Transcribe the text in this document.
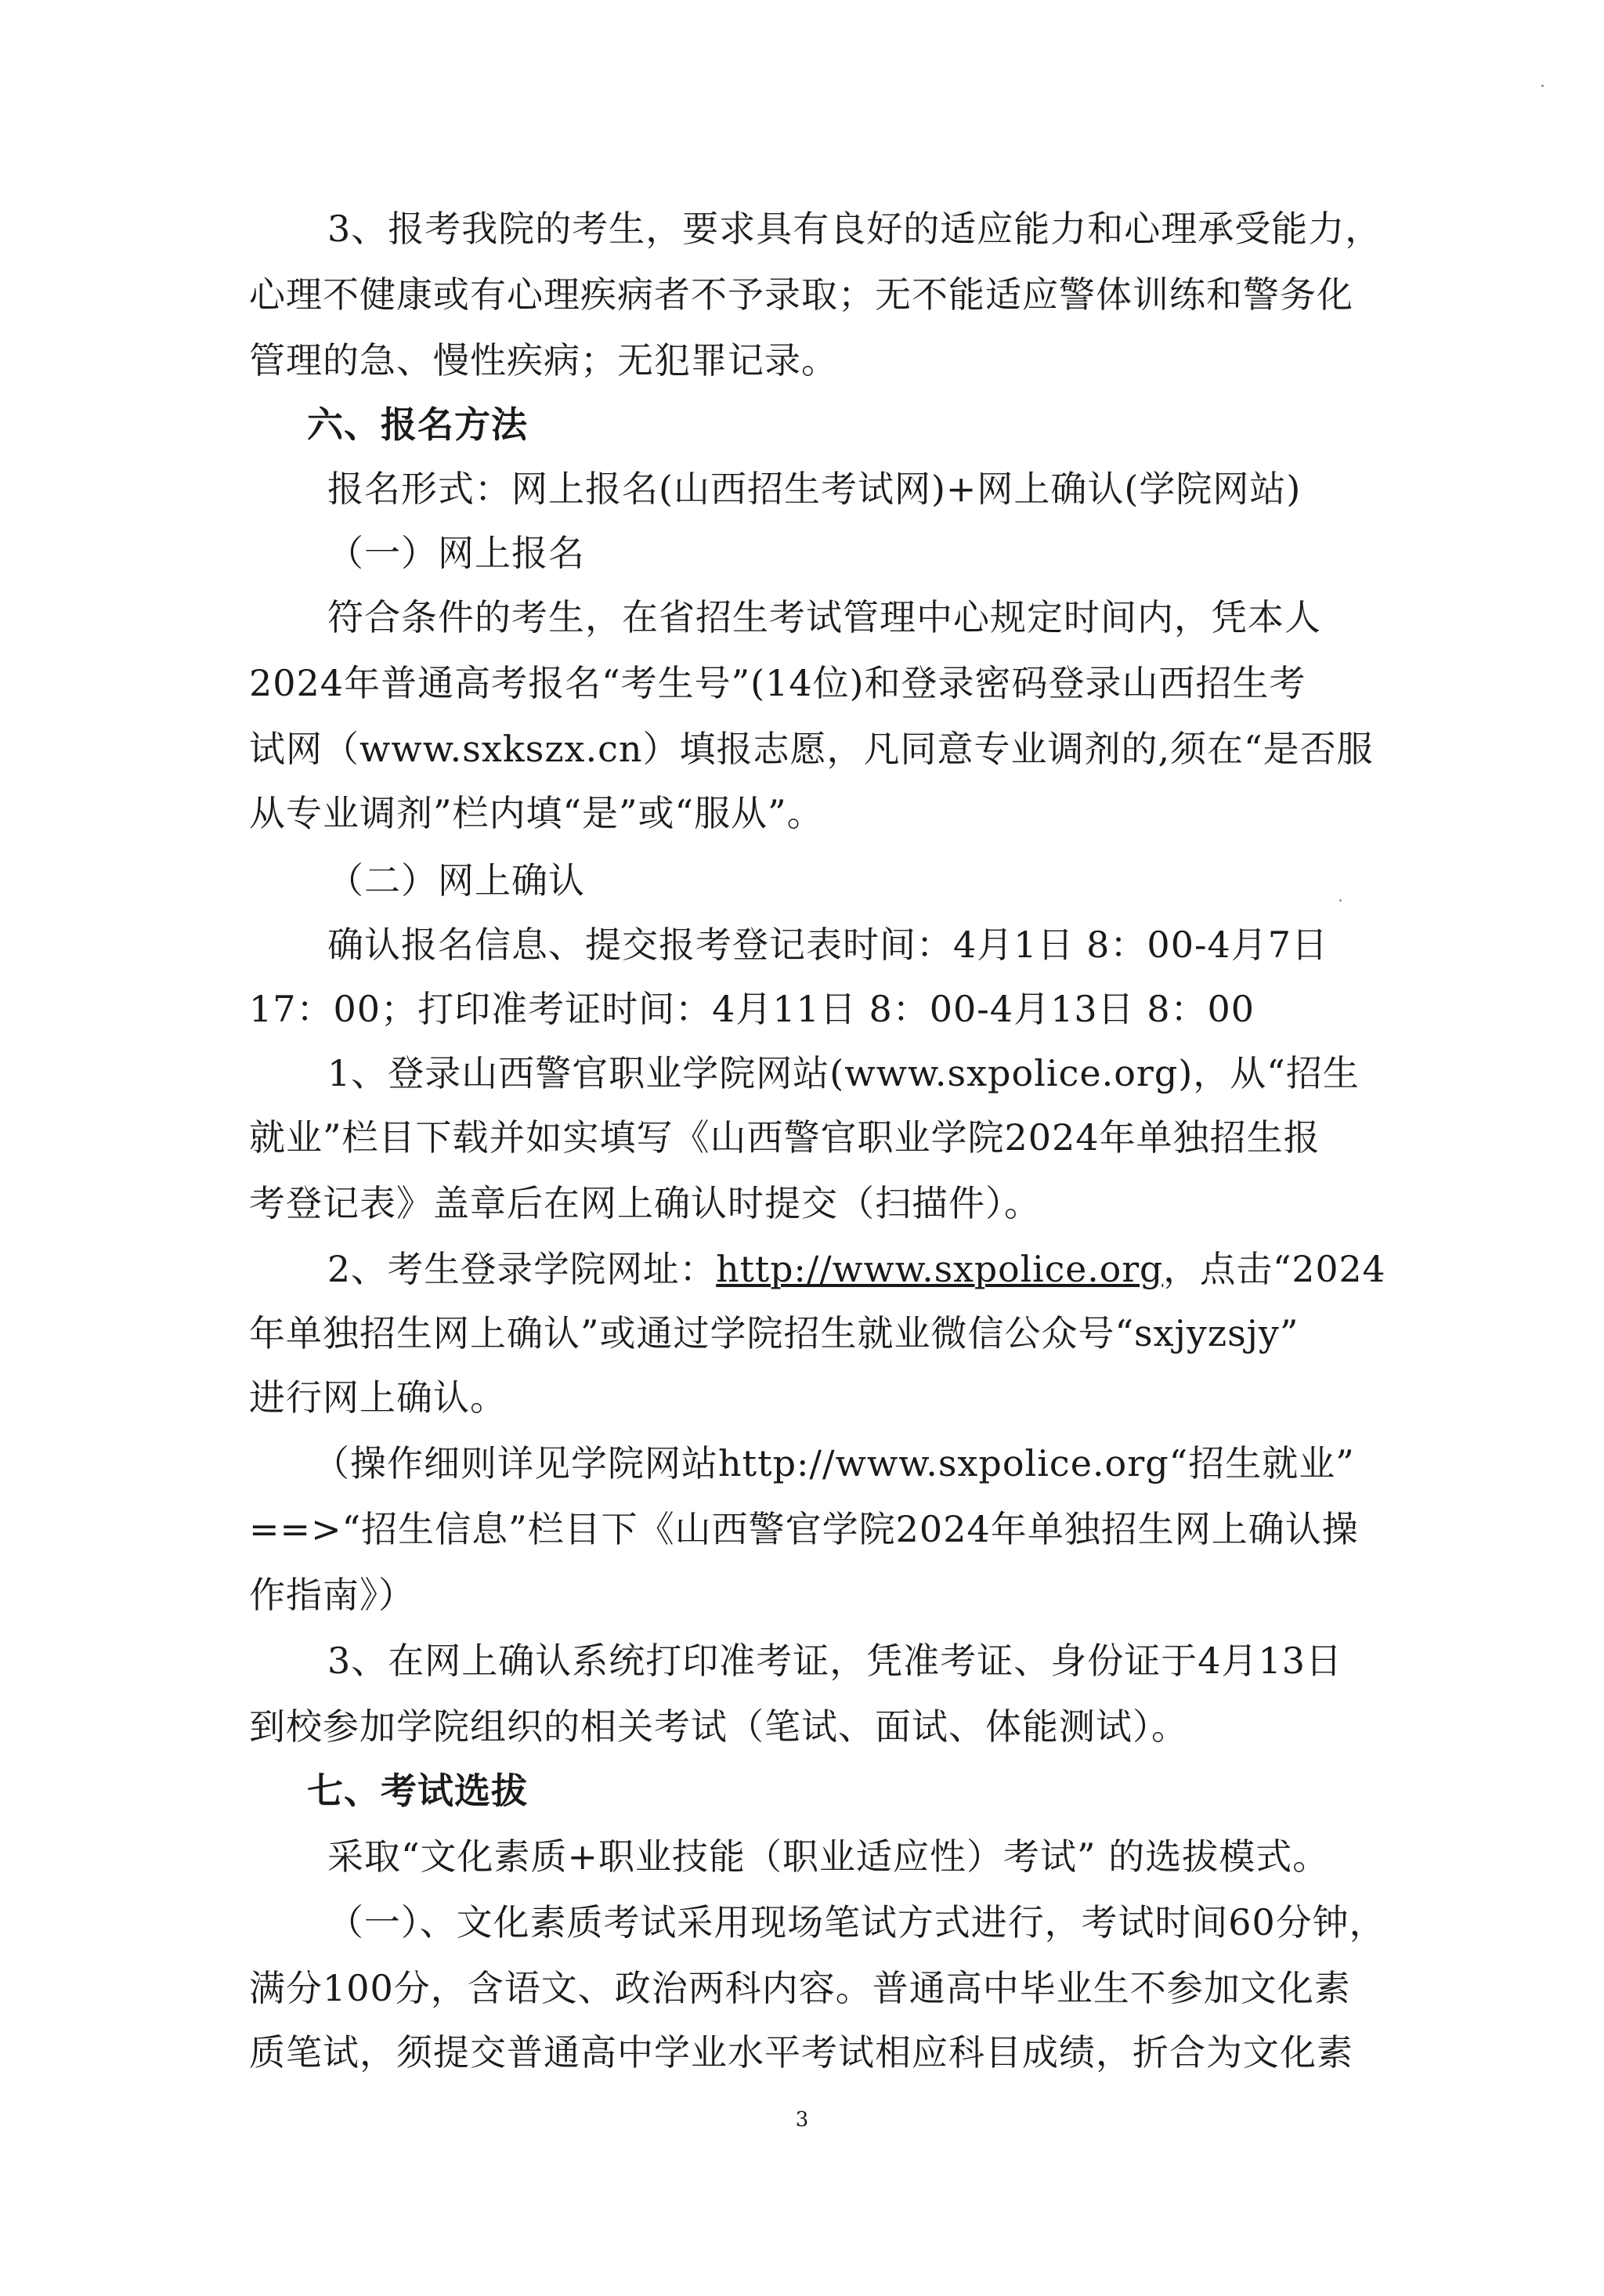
3、报考我院的考生，要求具有良好的适应能力和心理承受能力，
心理不健康或有心理疾病者不予录取；无不能适应警体训练和警务化
管理的急、慢性疾病；无犯罪记录。
六、报名方法
报名形式：网上报名(山西招生考试网)+网上确认(学院网站)
（一）网上报名
符合条件的考生，在省招生考试管理中心规定时间内，凭本人
2024年普通高考报名“考生号”(14位)和登录密码登录山西招生考
试网（www.sxkszx.cn）填报志愿，凡同意专业调剂的,须在“是否服
从专业调剂”栏内填“是”或“服从”。
（二）网上确认
确认报名信息、提交报考登记表时间：4月1日 8：00-4月7日
17：00；打印准考证时间：4月11日 8：00-4月13日 8：00
1、登录山西警官职业学院网站(www.sxpolice.org)，从“招生
就业”栏目下载并如实填写《山西警官职业学院2024年单独招生报
考登记表》盖章后在网上确认时提交（扫描件）。
2、考生登录学院网址：http://www.sxpolice.org，点击“2024
年单独招生网上确认”或通过学院招生就业微信公众号“sxjyzsjy”
进行网上确认。
（操作细则详见学院网站http://www.sxpolice.org“招生就业”
==>“招生信息”栏目下《山西警官学院2024年单独招生网上确认操
作指南》）
3、在网上确认系统打印准考证，凭准考证、身份证于4月13日
到校参加学院组织的相关考试（笔试、面试、体能测试）。
七、考试选拔
采取“文化素质+职业技能（职业适应性）考试” 的选拔模式。
（一）、文化素质考试采用现场笔试方式进行，考试时间60分钟，
满分100分，含语文、政治两科内容。普通高中毕业生不参加文化素
质笔试，须提交普通高中学业水平考试相应科目成绩，折合为文化素
3
